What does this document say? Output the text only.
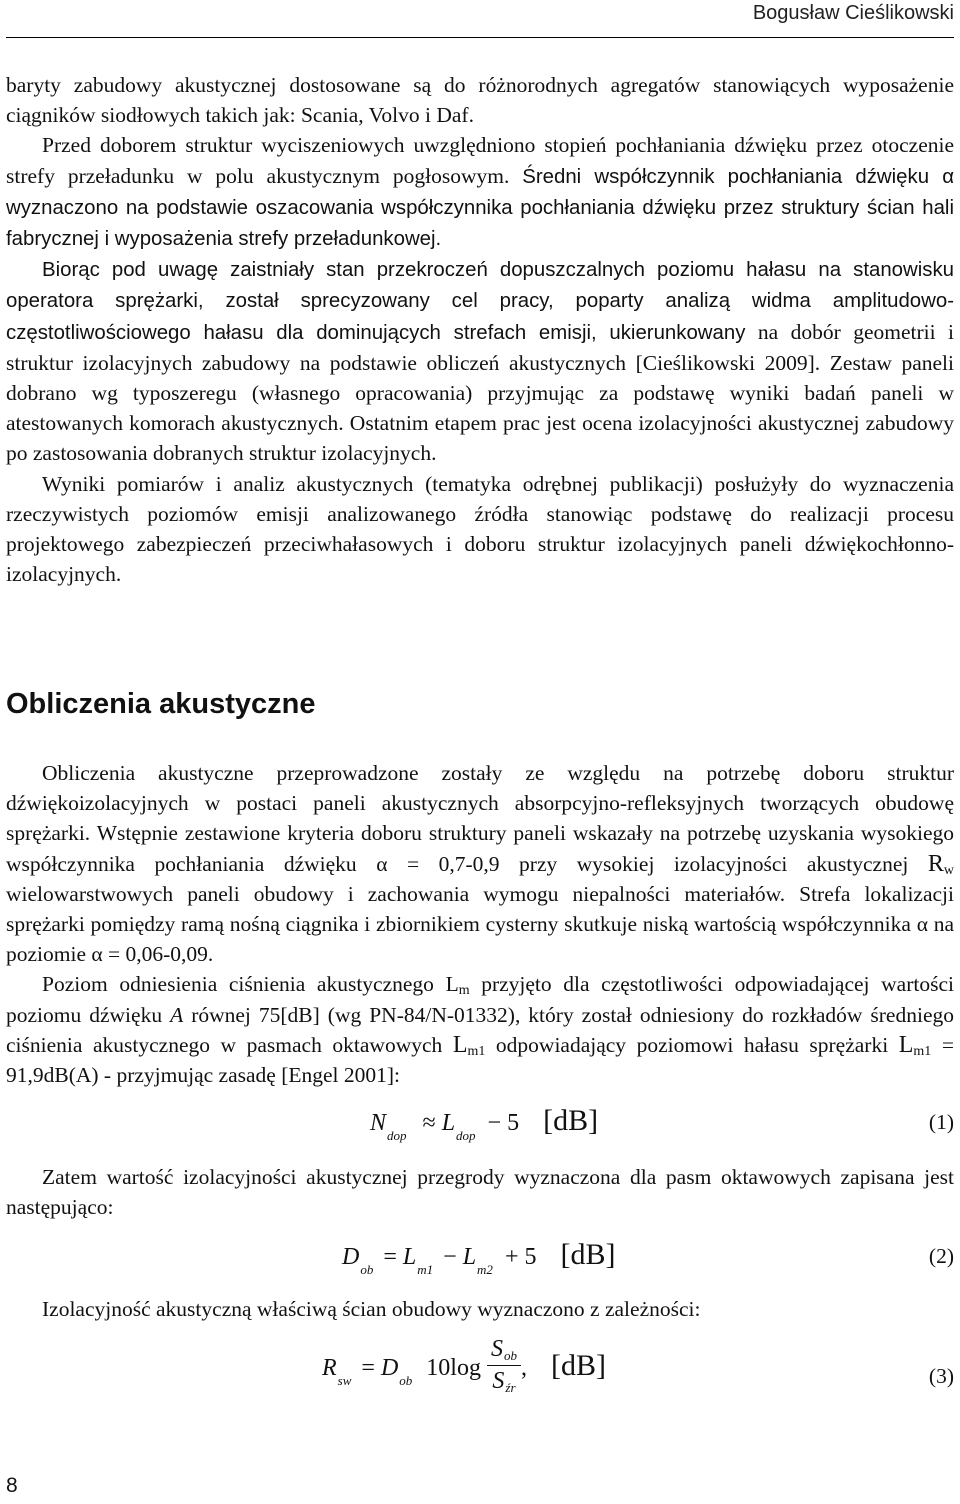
Bogusław Cieślikowski

baryty zabudowy akustycznej dostosowane są do różnorodnych agregatów stanowiących wyposażenie ciągników siodłowych takich jak: Scania, Volvo i Daf.

Przed doborem struktur wyciszeniowych uwzględniono stopień pochłaniania dźwięku przez otoczenie strefy przeładunku w polu akustycznym pogłosowym. Średni współczynnik pochłaniania dźwięku α wyznaczono na podstawie oszacowania współczynnika pochłaniania dźwięku przez struktury ścian hali fabrycznej i wyposażenia strefy przeładunkowej.

Biorąc pod uwagę zaistniały stan przekroczeń dopuszczalnych poziomu hałasu na stanowisku operatora sprężarki, został sprecyzowany cel pracy, poparty analizą widma amplitudowo-częstotliwościowego hałasu dla dominujących strefach emisji, ukierunkowany na dobór geometrii i struktur izolacyjnych zabudowy na podstawie obliczeń akustycznych [Cieślikowski 2009]. Zestaw paneli dobrano wg typoszeregu (własnego opracowania) przyjmując za podstawę wyniki badań paneli w atestowanych komorach akustycznych. Ostatnim etapem prac jest ocena izolacyjności akustycznej zabudowy po zastosowania dobranych struktur izolacyjnych.

Wyniki pomiarów i analiz akustycznych (tematyka odrębnej publikacji) posłużyły do wyznaczenia rzeczywistych poziomów emisji analizowanego źródła stanowiąc podstawę do realizacji procesu projektowego zabezpieczeń przeciwhałasowych i doboru struktur izolacyjnych paneli dźwiękochłonno-izolacyjnych.

Obliczenia akustyczne

Obliczenia akustyczne przeprowadzone zostały ze względu na potrzebę doboru struktur dźwiękoizolacyjnych w postaci paneli akustycznych absorpcyjno-refleksyjnych tworzących obudowę sprężarki. Wstępnie zestawione kryteria doboru struktury paneli wskazały na potrzebę uzyskania wysokiego współczynnika pochłaniania dźwięku α = 0,7-0,9 przy wysokiej izolacyjności akustycznej $R_w$ wielowarstwowych paneli obudowy i zachowania wymogu niepalności materiałów. Strefa lokalizacji sprężarki pomiędzy ramą nośną ciągnika i zbiornikiem cysterny skutkuje niską wartością współczynnika α na poziomie α = 0,06-0,09.

Poziom odniesienia ciśnienia akustycznego $L_m$ przyjęto dla częstotliwości odpowiadającej wartości poziomu dźwięku A równej 75[dB] (wg PN-84/N-01332), który został odniesiony do rozkładów średniego ciśnienia akustycznego w pasmach oktawowych $L_{m1}$ odpowiadający poziomowi hałasu sprężarki $L_{m1} = 91,9dB(A)$ - przyjmując zasadę [Engel 2001]:

$N_{dop} \approx L_{dop} - 5$ [dB]	(1)

Zatem wartość izolacyjności akustycznej przegrody wyznaczona dla pasm oktawowych zapisana jest następująco:

$D_{ob} = L_{m1} - L_{m2} + 5$ [dB]	(2)

Izolacyjność akustyczną właściwą ścian obudowy wyznaczono z zależności:

$R_{sw} = D_{ob}$ $10\log \frac{\text{Sob}}{\text{Sźr}}$ , [dB]	(3)
8
